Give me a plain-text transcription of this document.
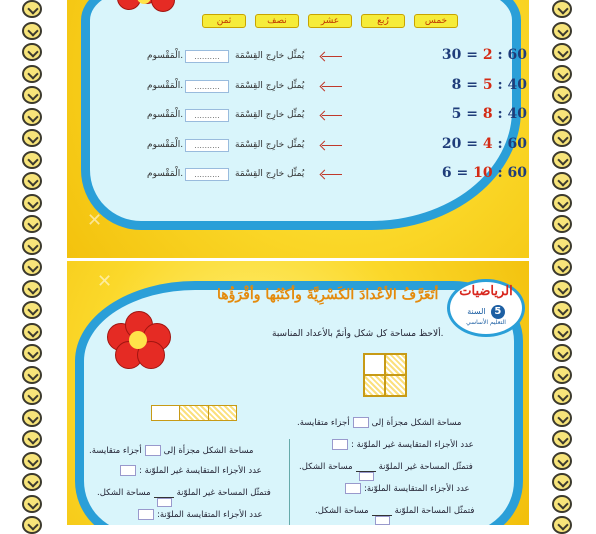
✕
خمس
رُبع
عشر
نصف
ثمن
30 = 2 : 60
يُمثِّل خارِج القِسْمَة
..........
الْمَقْسوم.
8 = 5 : 40
يُمثِّل خارِج القِسْمَة
..........
الْمَقْسوم.
5 = 8 : 40
يُمثِّل خارِج القِسْمَة
..........
الْمَقْسوم.
20 = 4 : 60
يُمثِّل خارِج القِسْمَة
..........
الْمَقْسوم.
6 = 10 : 60
يُمثِّل خارِج القِسْمَة
..........
الْمَقْسوم.
✕
أتَعَرَّفُ الأعْدادَ الكَسْرِيَّةَ وأكتُبُها وأقْرَؤُها
ألاحظ مساحة كل شكل وأتمّ بالأعداد المناسبة.
الرياضيات
السنة 5
التعليم الأساسي
مساحة الشكل مجزأة إلىأجزاء متقايسة.
عدد الأجزاء المتقايسة غير الملوّنة :
فتمثّل المساحة غير الملوّنةمساحة الشكل.
عدد الأجزاء المتقايسة الملوّنة:
فتمثّل المساحة الملوّنةمساحة الشكل.
مساحة الشكل مجزأة إلىأجزاء متقايسة.
عدد الأجزاء المتقايسة غير الملوّنة :
فتمثّل المساحة غير الملوّنةمساحة الشكل.
عدد الأجزاء المتقايسة الملوّنة:
